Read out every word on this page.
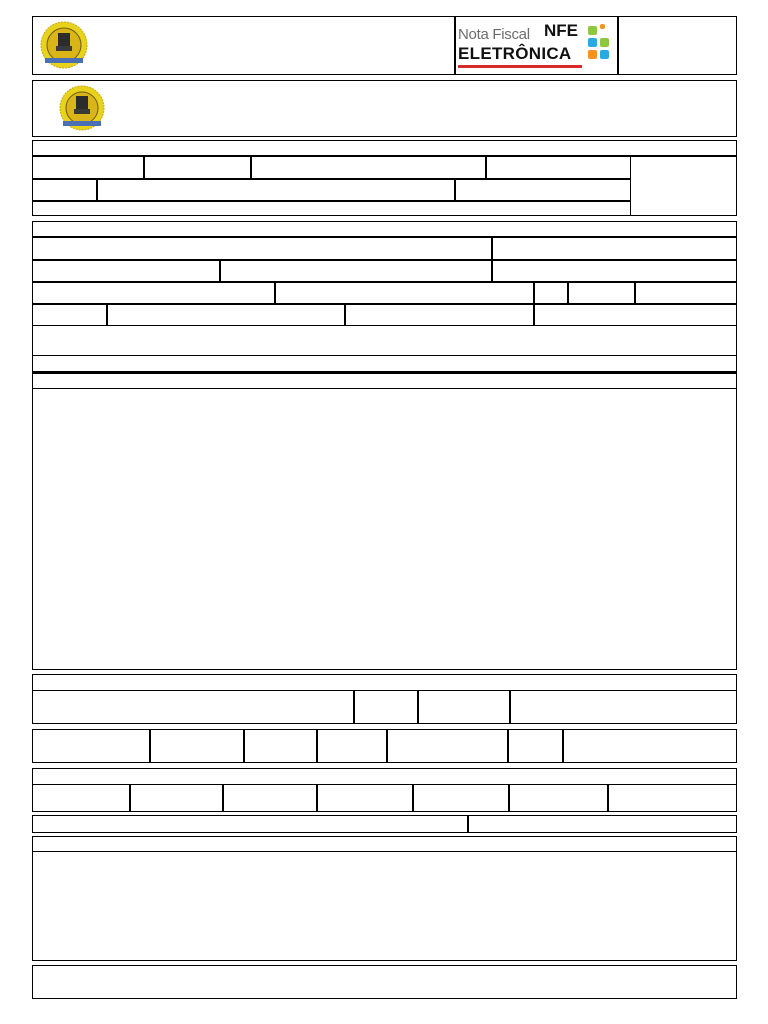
Nota Fiscal NFE
ELETRÔNICA
